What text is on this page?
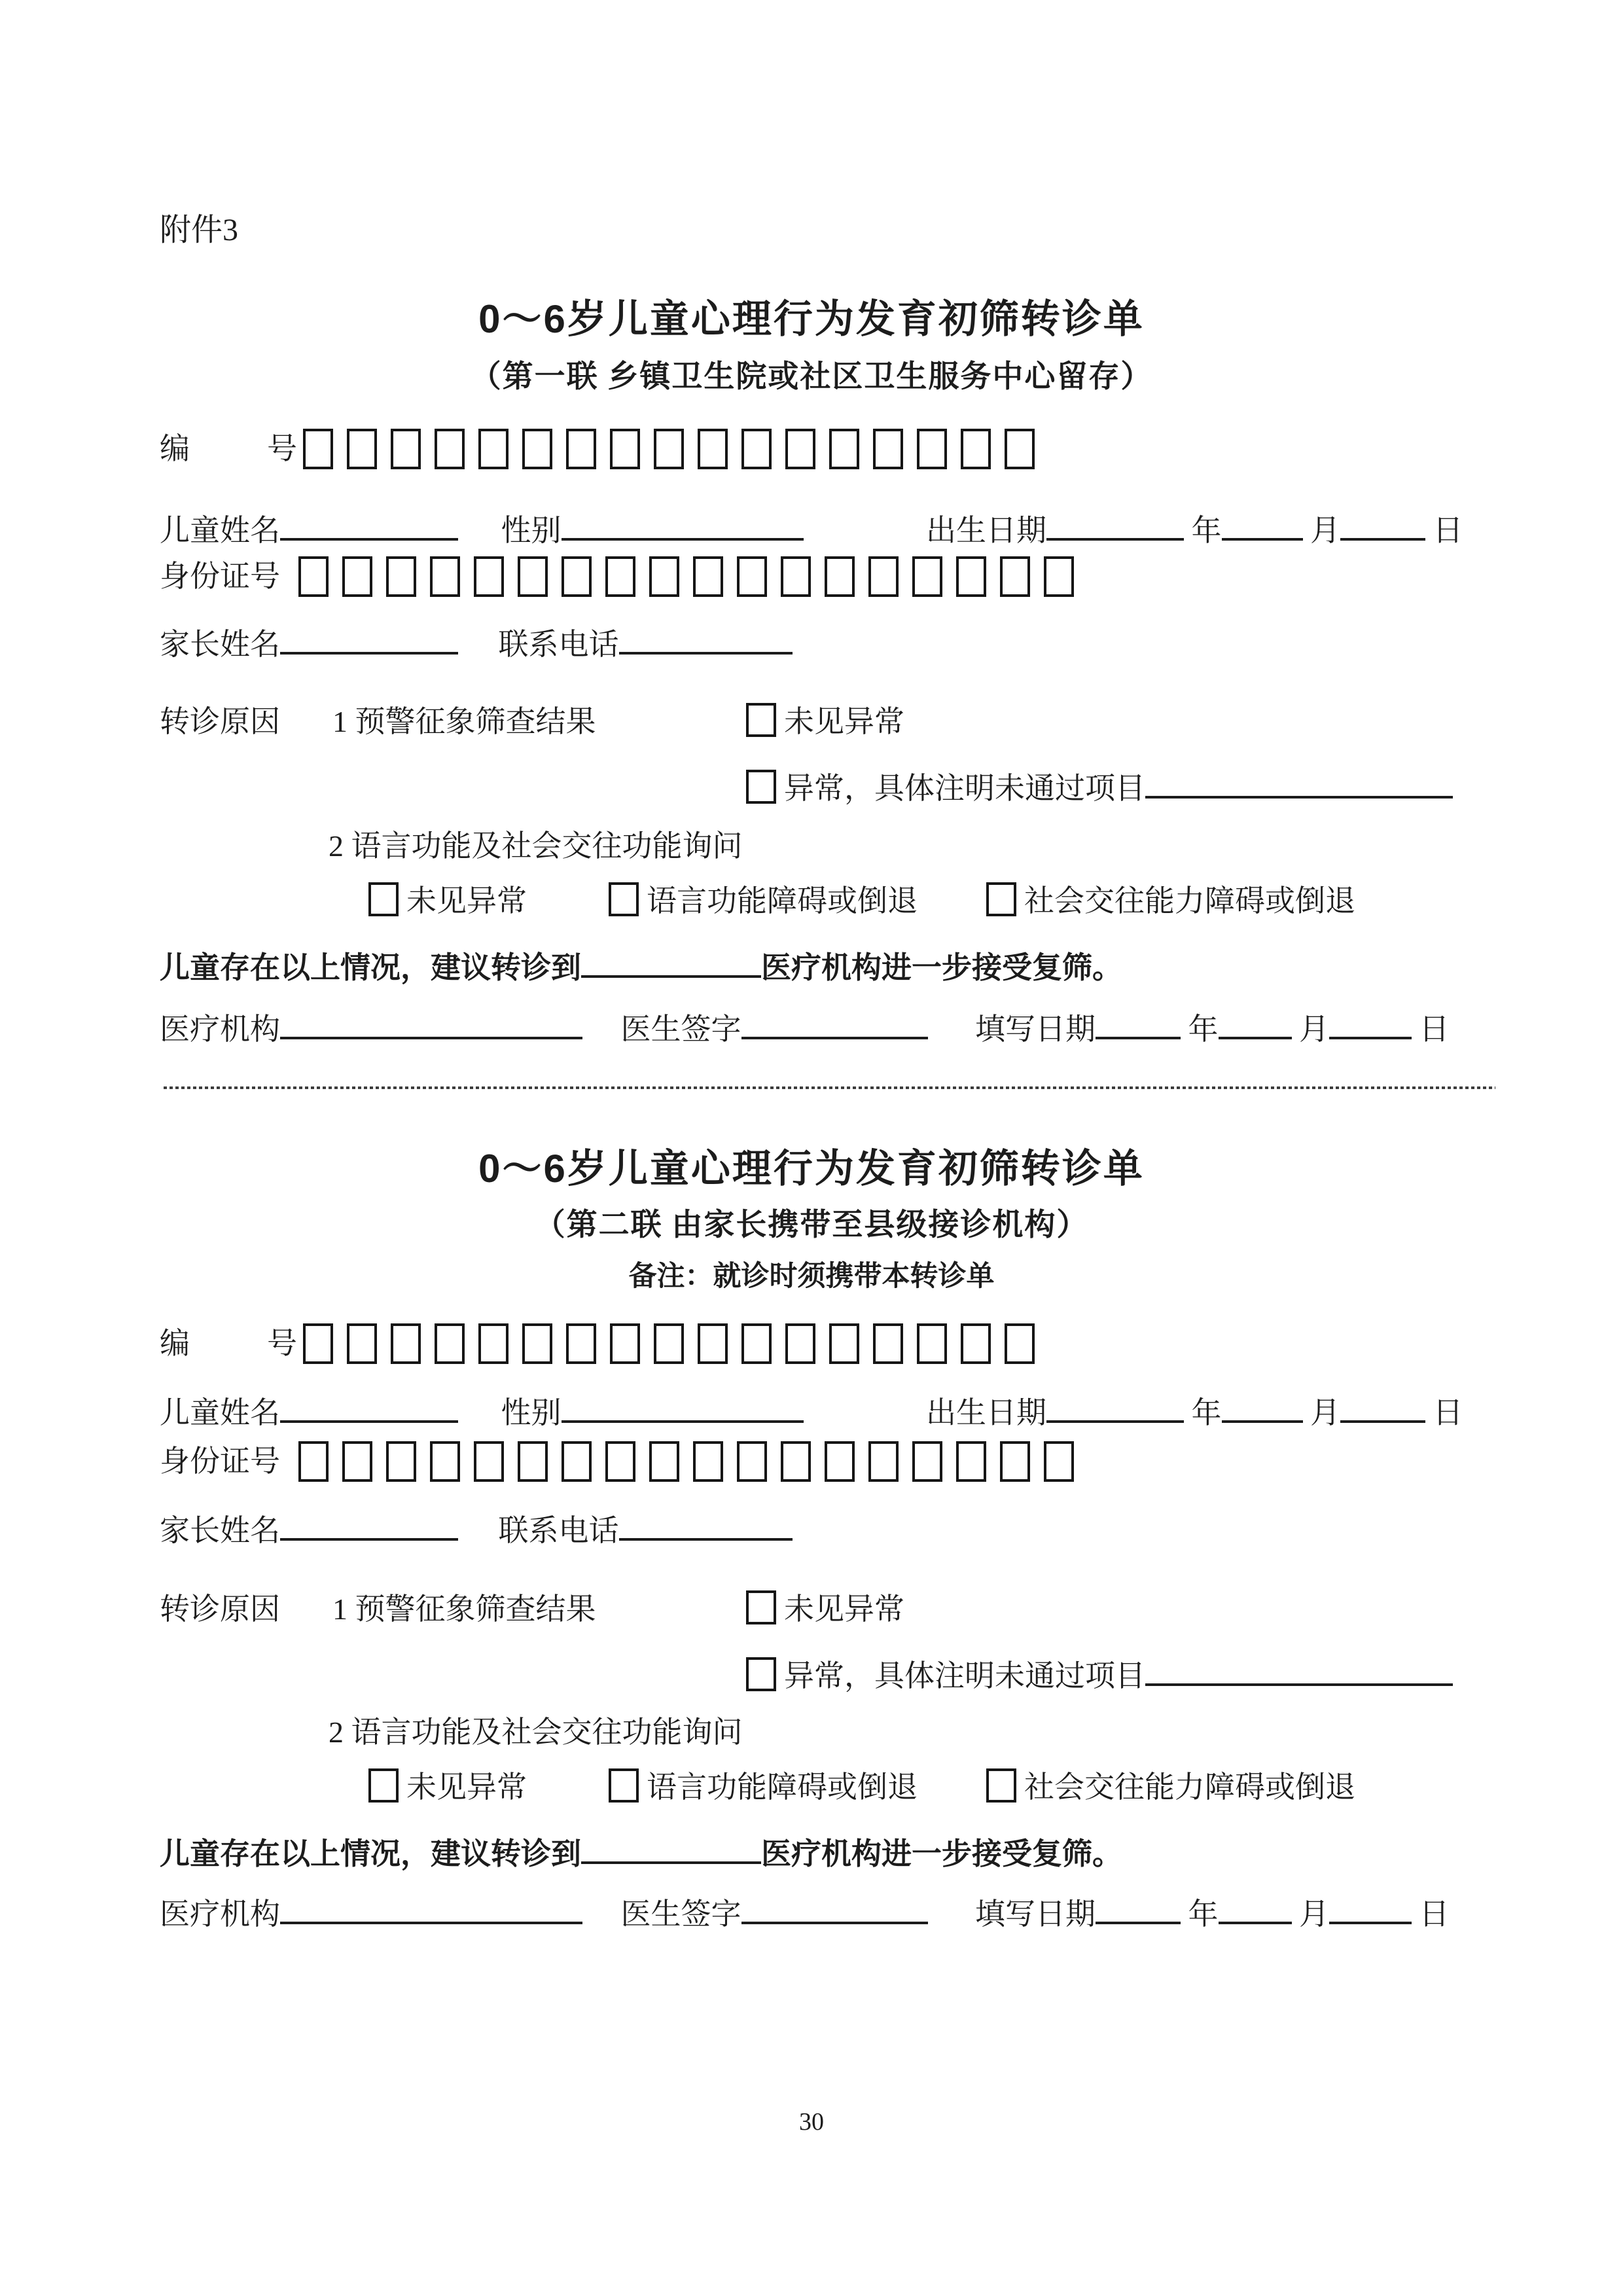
附件3
0～6岁儿童心理行为发育初筛转诊单
（第一联 乡镇卫生院或社区卫生服务中心留存）
编	号
儿童姓名	性别	出生日期	年	月	日
身份证号
家长姓名	联系电话
转诊原因 1 预警征象筛查结果	未见异常
异常，具体注明未通过项目
2 语言功能及社会交往功能询问
未见异常	语言功能障碍或倒退	社会交往能力障碍或倒退
儿童存在以上情况，建议转诊到	医疗机构进一步接受复筛。
医疗机构	医生签字	填写日期	年	月	日
0～6岁儿童心理行为发育初筛转诊单
（第二联 由家长携带至县级接诊机构）
备注：就诊时须携带本转诊单
编	号
儿童姓名	性别	出生日期	年	月	日
身份证号
家长姓名	联系电话
转诊原因 1 预警征象筛查结果	未见异常
异常，具体注明未通过项目
2 语言功能及社会交往功能询问
未见异常	语言功能障碍或倒退	社会交往能力障碍或倒退
儿童存在以上情况，建议转诊到	医疗机构进一步接受复筛。
医疗机构	医生签字	填写日期	年	月	日
30
